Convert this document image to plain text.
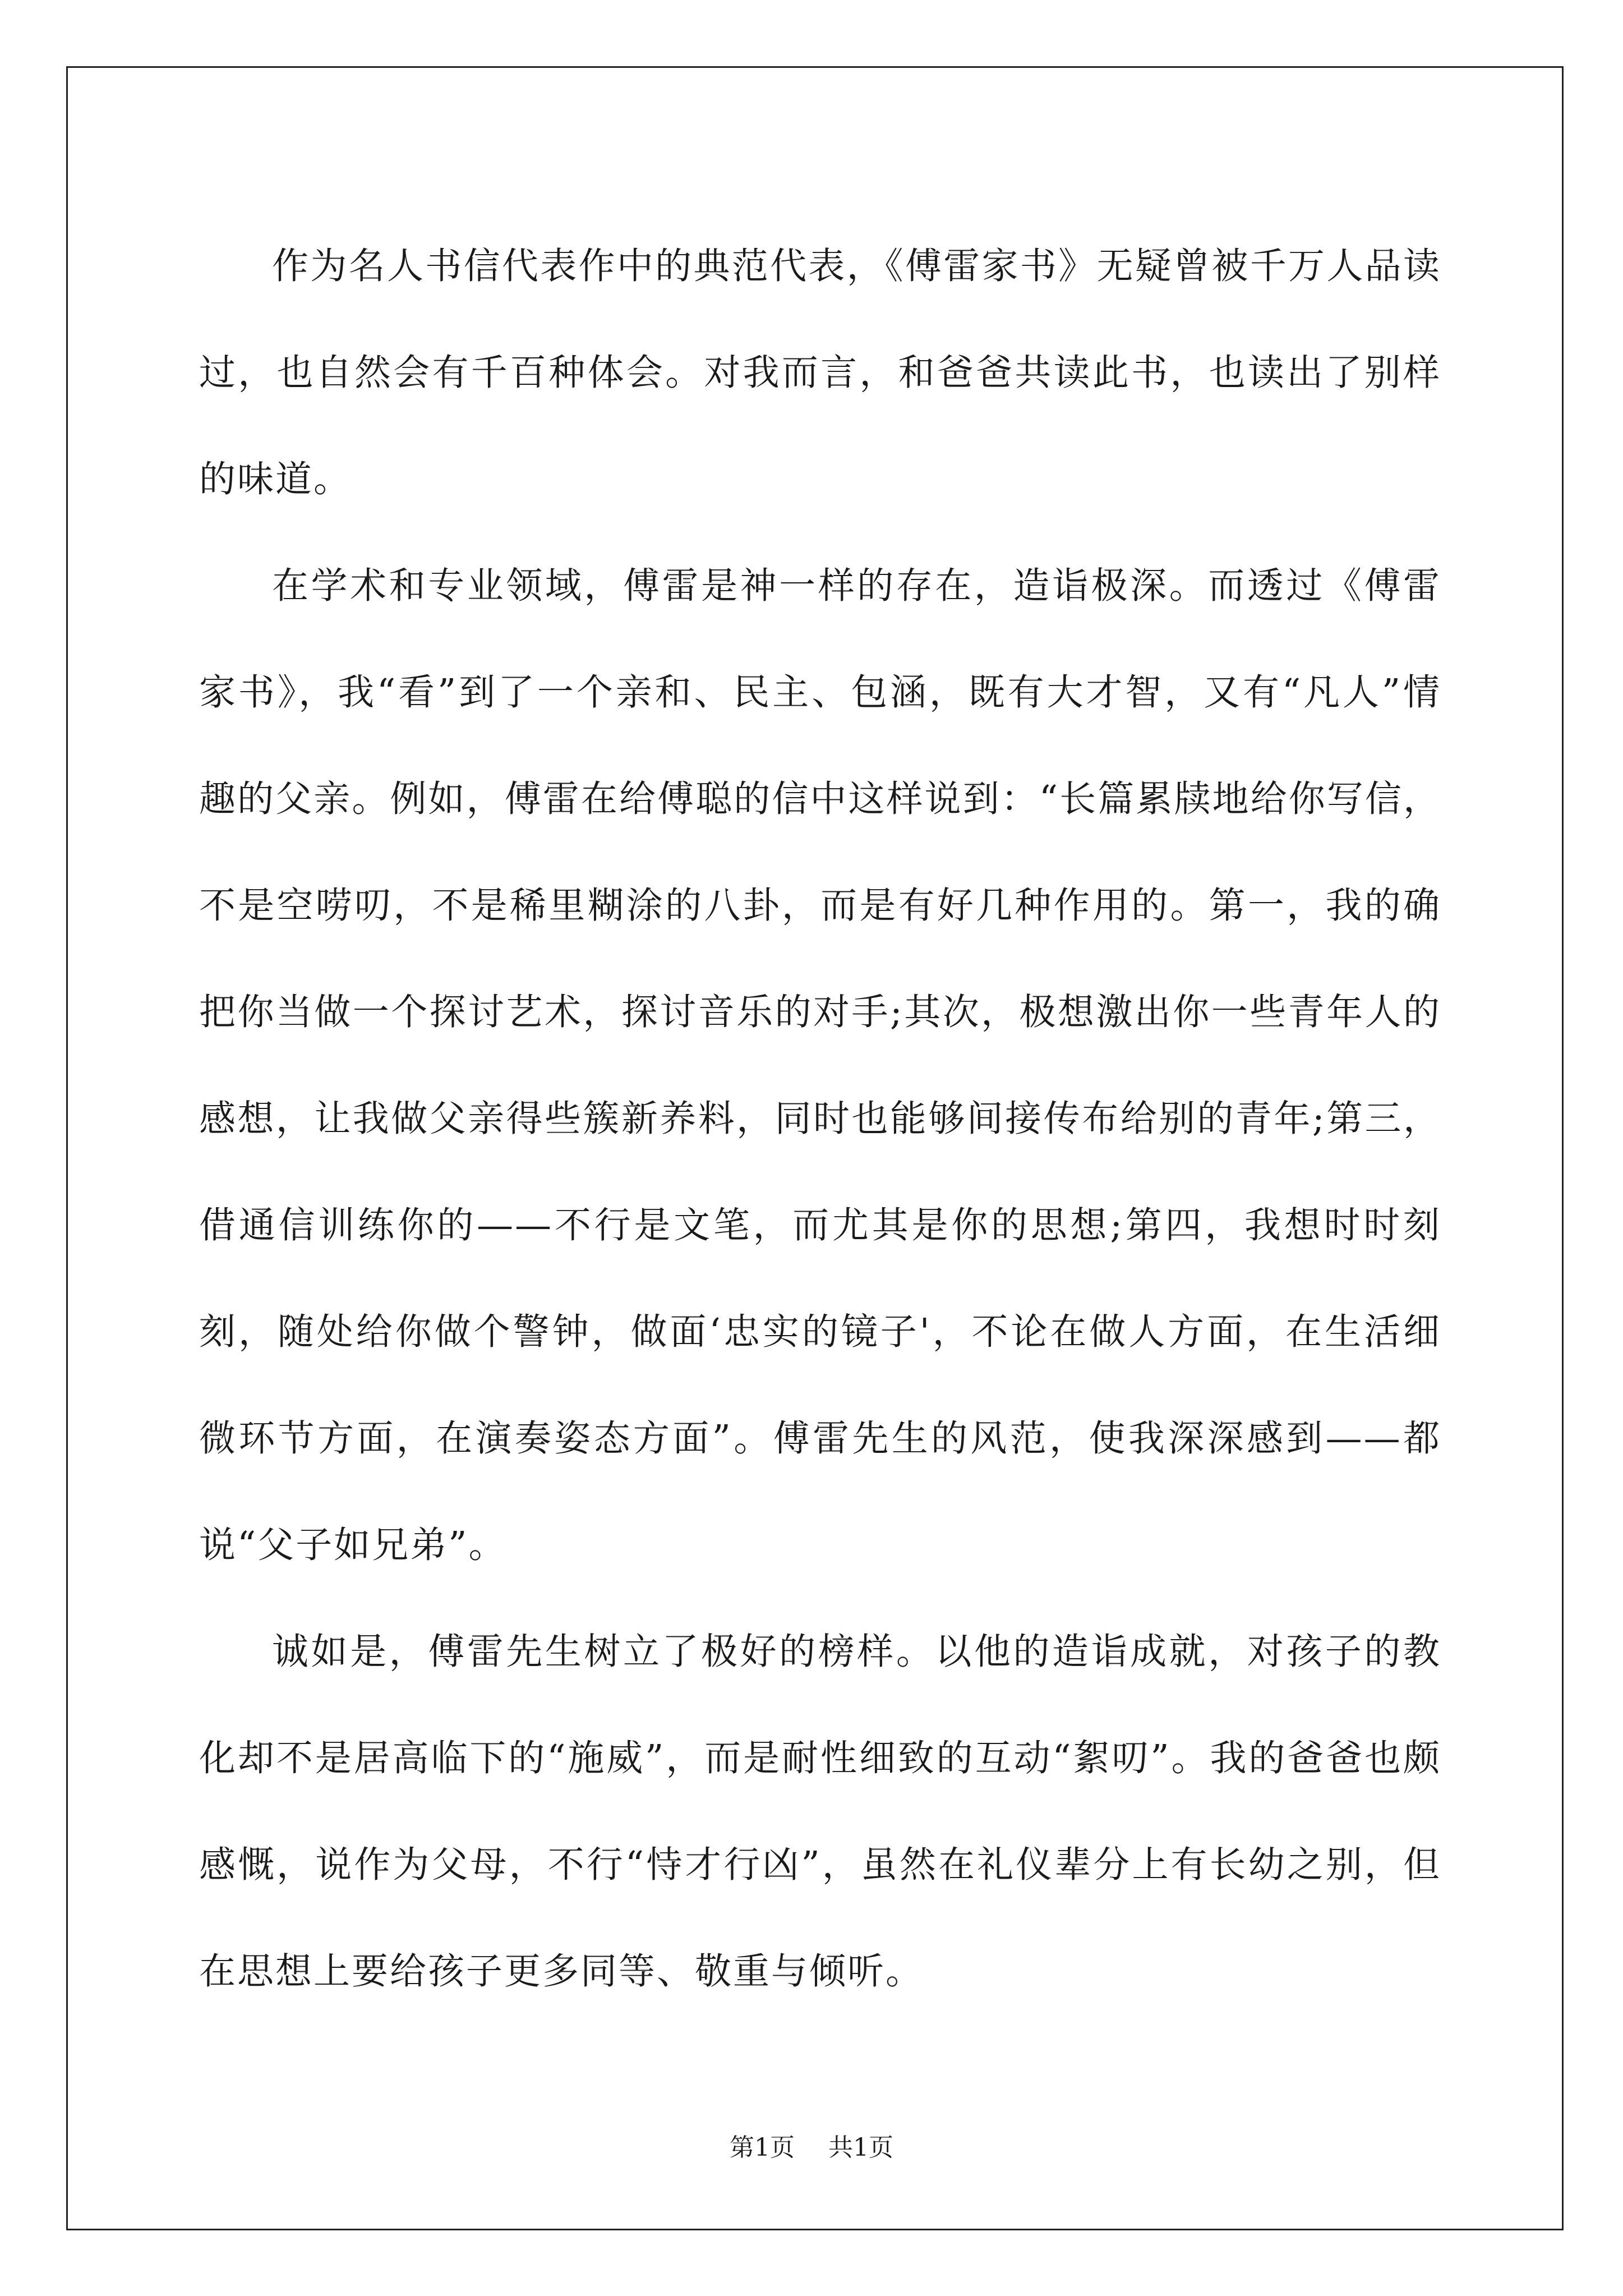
作为名人书信代表作中的典范代表，《傅雷家书》无疑曾被千万人品读过，也自然会有千百种体会。对我而言，和爸爸共读此书，也读出了别样的味道。

在学术和专业领域，傅雷是神一样的存在，造诣极深。而透过《傅雷家书》，我“看”到了一个亲和、民主、包涵，既有大才智，又有“凡人”情趣的父亲。例如，傅雷在给傅聪的信中这样说到：“长篇累牍地给你写信，不是空唠叨，不是稀里糊涂的八卦，而是有好几种作用的。第一，我的确把你当做一个探讨艺术，探讨音乐的对手;其次，极想激出你一些青年人的感想，让我做父亲得些簇新养料，同时也能够间接传布给别的青年;第三，借通信训练你的——不行是文笔，而尤其是你的思想;第四，我想时时刻刻，随处给你做个警钟，做面‘忠实的镜子'，不论在做人方面，在生活细微环节方面，在演奏姿态方面”。傅雷先生的风范，使我深深感到——都说“父子如兄弟”。

诚如是，傅雷先生树立了极好的榜样。以他的造诣成就，对孩子的教化却不是居高临下的“施威”，而是耐性细致的互动“絮叨”。我的爸爸也颇感慨，说作为父母，不行“恃才行凶”，虽然在礼仪辈分上有长幼之别，但在思想上要给孩子更多同等、敬重与倾听。

第1页 共1页
